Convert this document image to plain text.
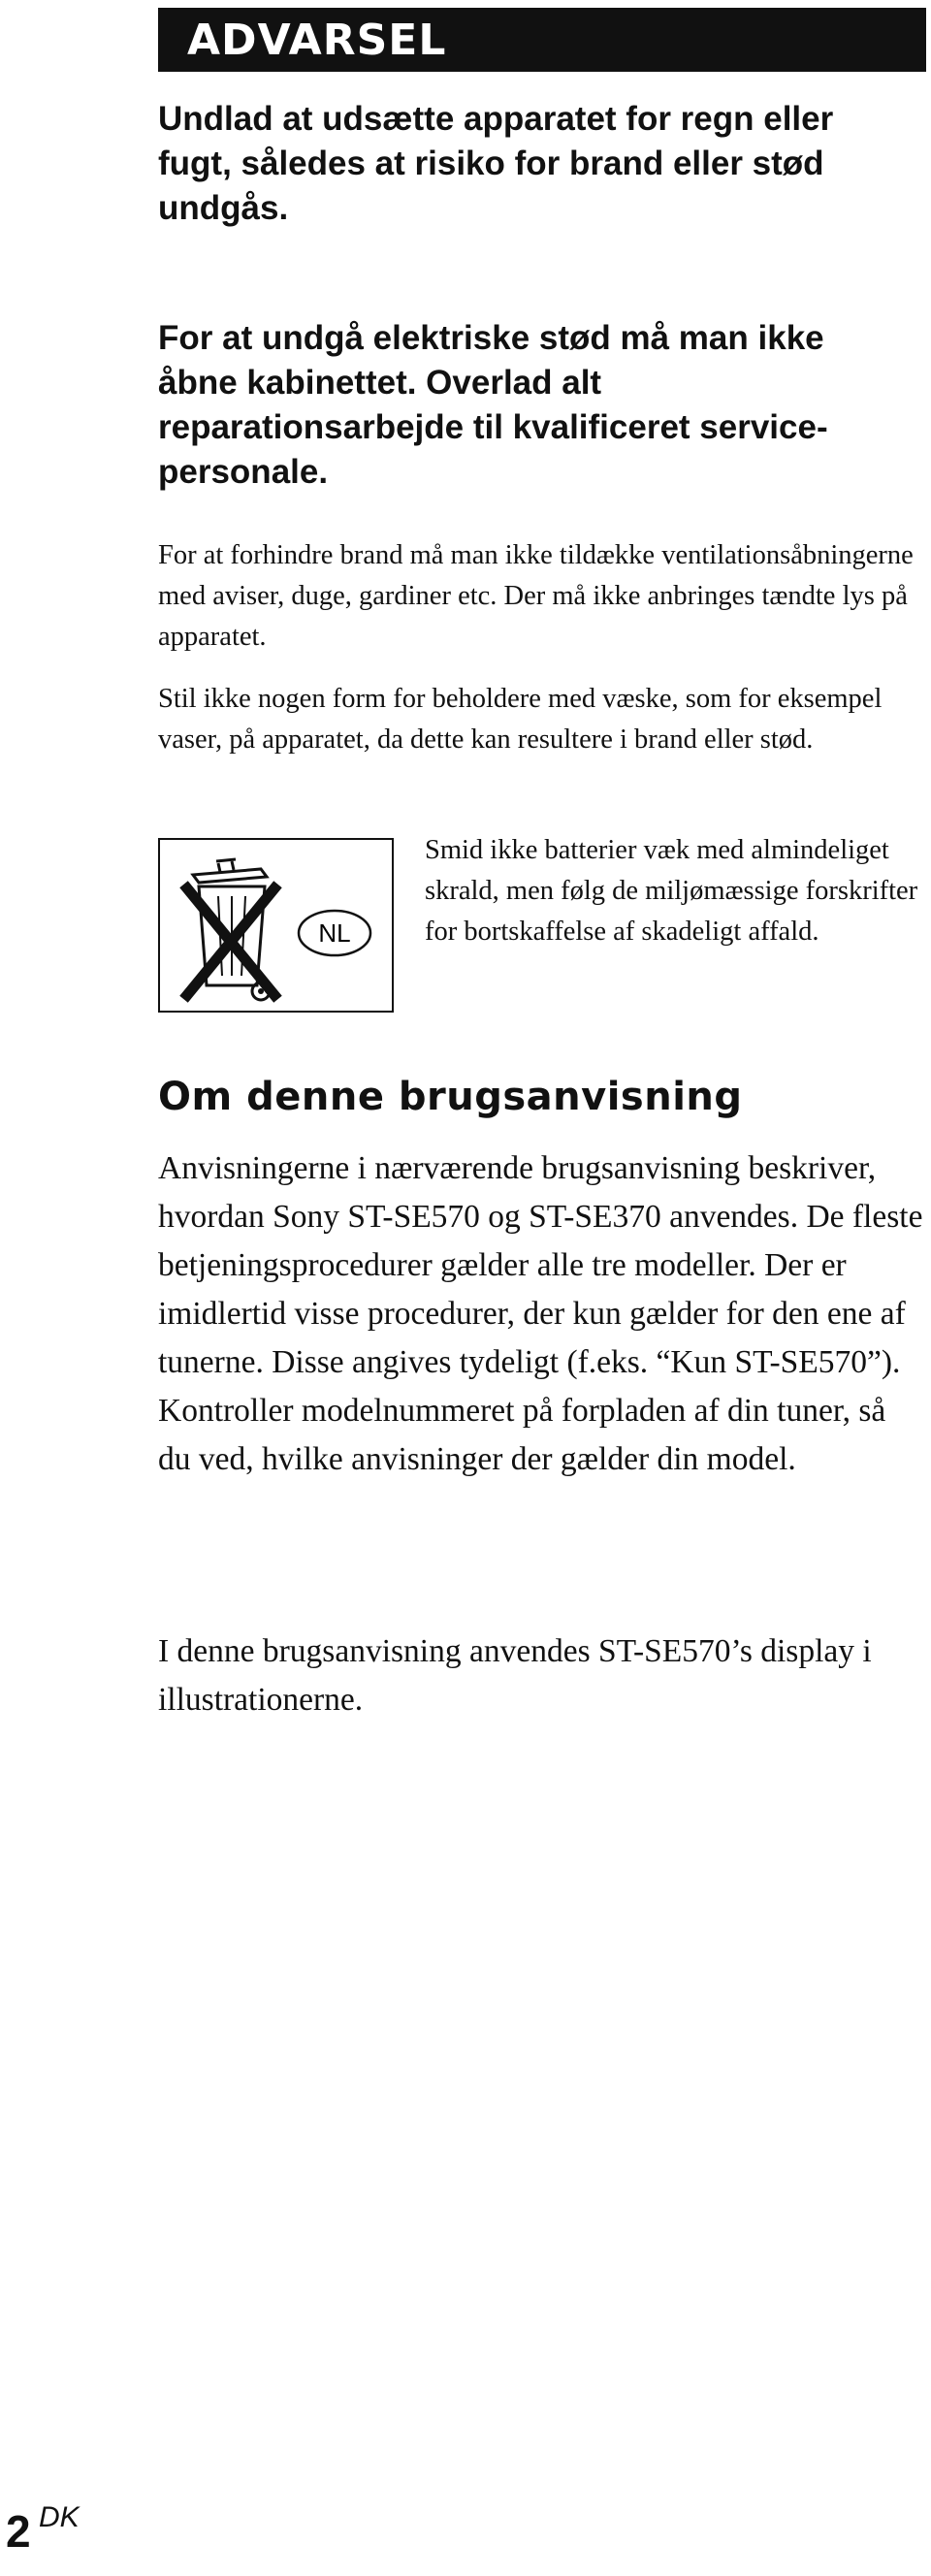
ADVARSEL

Undlad at udsætte apparatet for regn eller fugt, således at risiko for brand eller stød undgås.

For at undgå elektriske stød må man ikke åbne kabinettet. Overlad alt reparationsarbejde til kvalificeret service-personale.

For at forhindre brand må man ikke tildække ventilationsåbningerne med aviser, duge, gardiner etc. Der må ikke anbringes tændte lys på apparatet.

Stil ikke nogen form for beholdere med væske, som for eksempel vaser, på apparatet, da dette kan resultere i brand eller stød.

NL

Smid ikke batterier væk med almindeliget skrald, men følg de miljømæssige forskrifter for bortskaffelse af skadeligt affald.

Om denne brugsanvisning

Anvisningerne i nærværende brugsanvisning beskriver, hvordan Sony ST-SE570 og ST-SE370 anvendes. De fleste betjeningsprocedurer gælder alle tre modeller. Der er imidlertid visse procedurer, der kun gælder for den ene af tunerne. Disse angives tydeligt (f.eks. “Kun ST-SE570”). Kontroller modelnummeret på forpladen af din tuner, så du ved, hvilke anvisninger der gælder din model.

I denne brugsanvisning anvendes ST-SE570’s display i illustrationerne.

2 DK
